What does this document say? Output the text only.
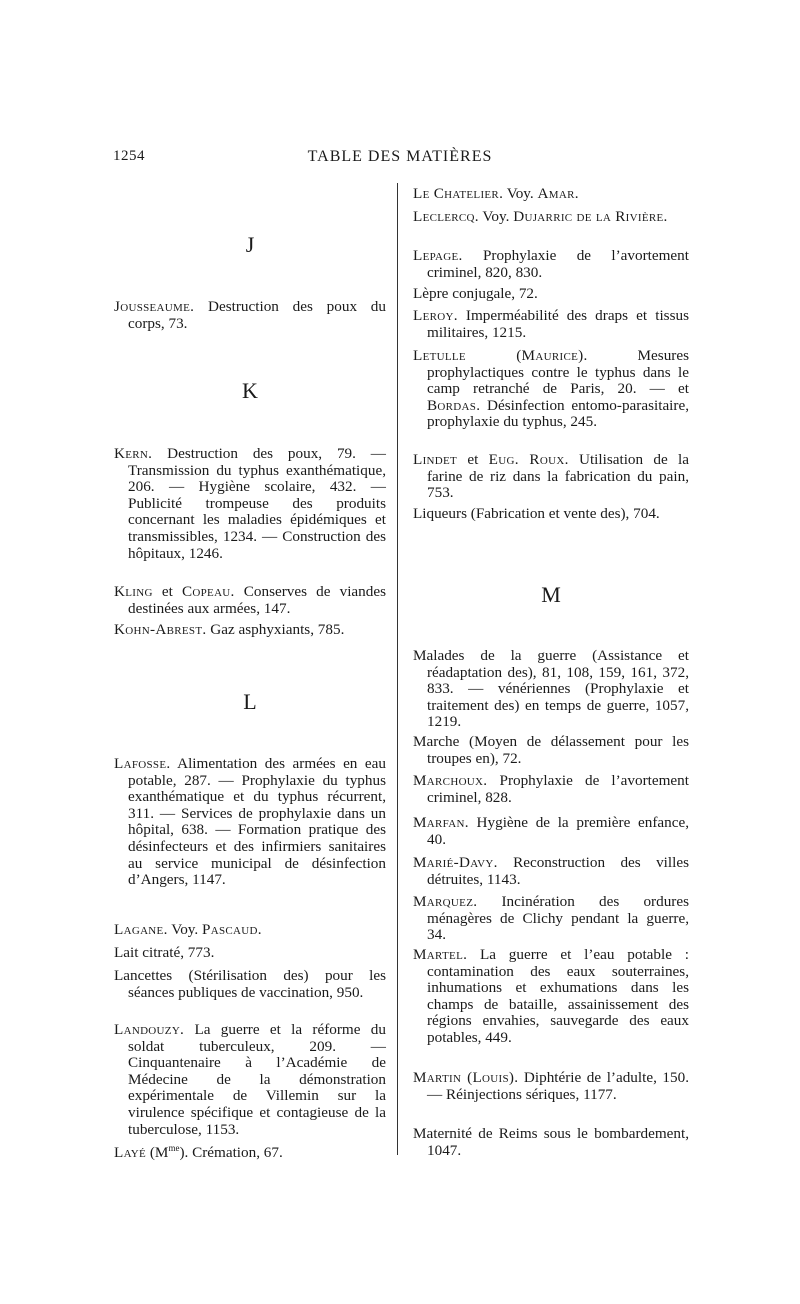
1254	TABLE DES MATIÈRES
J
Jousseaume. Destruction des poux du corps, 73.
K
Kern. Destruction des poux, 79. — Transmission du typhus exanthématique, 206. — Hygiène scolaire, 432. — Publicité trompeuse des produits concernant les maladies épidémiques et transmissibles, 1234. — Construction des hôpitaux, 1246.
Kling et Copeau. Conserves de viandes destinées aux armées, 147.
Kohn-Abrest. Gaz asphyxiants, 785.
L
Lafosse. Alimentation des armées en eau potable, 287. — Prophylaxie du typhus exanthématique et du typhus récurrent, 311. — Services de prophylaxie dans un hôpital, 638. — Formation pratique des désinfecteurs et des infirmiers sanitaires au service municipal de désinfection d’Angers, 1147.
Lagane. Voy. Pascaud.
Lait citraté, 773.
Lancettes (Stérilisation des) pour les séances publiques de vaccination, 950.
Landouzy. La guerre et la réforme du soldat tuberculeux, 209. — Cinquantenaire à l’Académie de Médecine de la démonstration expérimentale de Villemin sur la virulence spécifique et contagieuse de la tuberculose, 1153.
Layé $(M^{me})$. Crémation, 67.
Le Chatelier. Voy. Amar.
Leclercq. Voy. Dujarric de la Rivière.
Lepage. Prophylaxie de l’avortement criminel, 820, 830.
Lèpre conjugale, 72.
Leroy. Imperméabilité des draps et tissus militaires, 1215.
Letulle (Maurice). Mesures prophylactiques contre le typhus dans le camp retranché de Paris, 20. — et Bordas. Désinfection entomo-parasitaire, prophylaxie du typhus, 245.
Lindet et Eug. Roux. Utilisation de la farine de riz dans la fabrication du pain, 753.
Liqueurs (Fabrication et vente des), 704.
M
Malades de la guerre (Assistance et réadaptation des), 81, 108, 159, 161, 372, 833. — vénériennes (Prophylaxie et traitement des) en temps de guerre, 1057, 1219.
Marche (Moyen de délassement pour les troupes en), 72.
Marchoux. Prophylaxie de l’avortement criminel, 828.
Marfan. Hygiène de la première enfance, 40.
Marié-Davy. Reconstruction des villes détruites, 1143.
Marquez. Incinération des ordures ménagères de Clichy pendant la guerre, 34.
Martel. La guerre et l’eau potable : contamination des eaux souterraines, inhumations et exhumations dans les champs de bataille, assainissement des régions envahies, sauvegarde des eaux potables, 449.
Martin (Louis). Diphtérie de l’adulte, 150. — Réinjections sériques, 1177.
Maternité de Reims sous le bombardement, 1047.
